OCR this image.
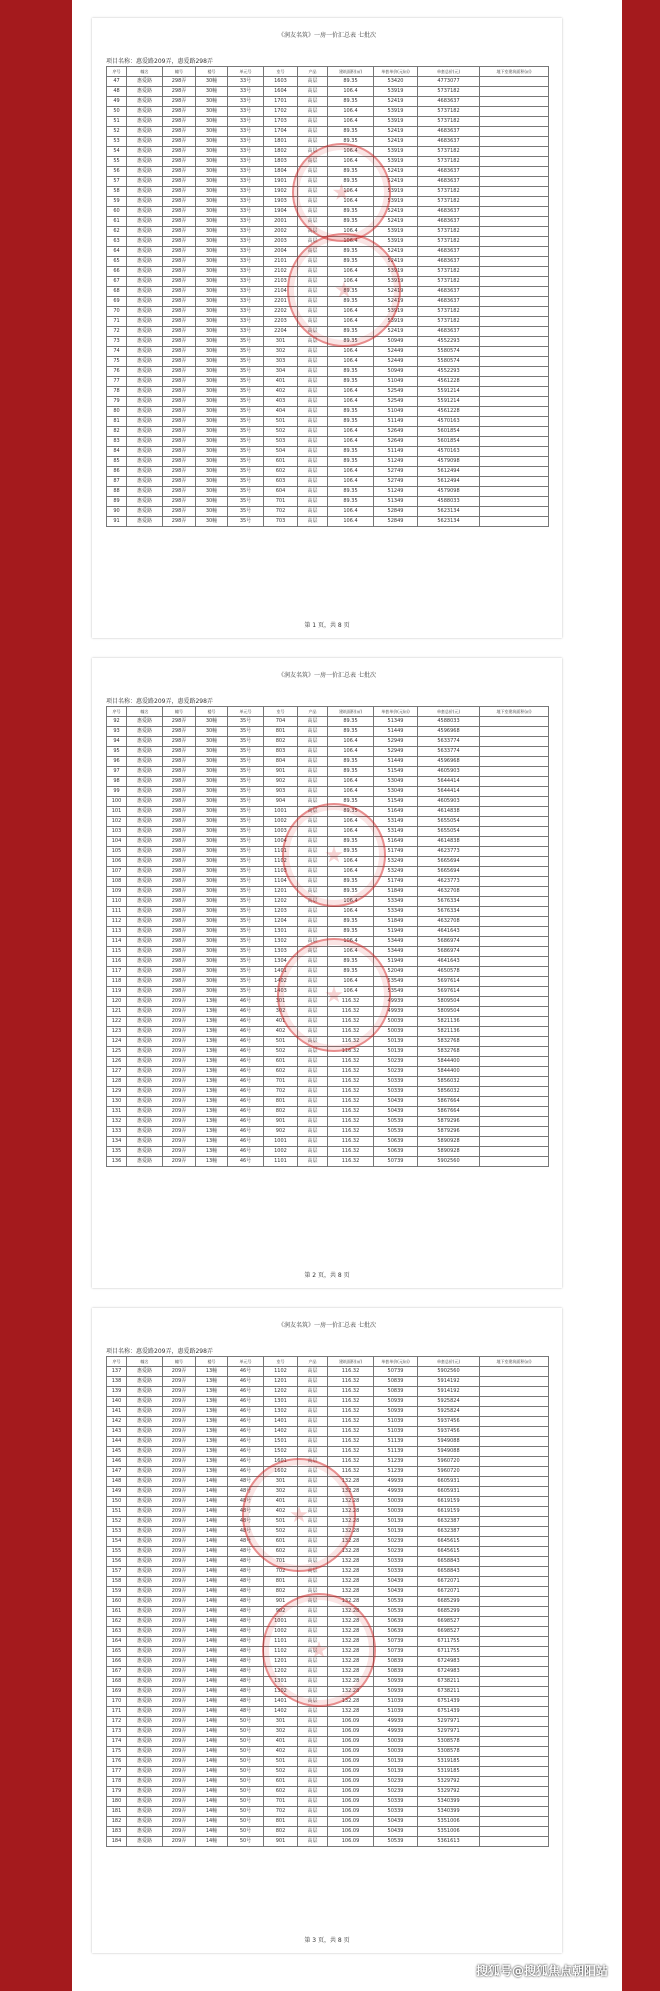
《润友名筑》一房一价汇总表 七批次
项目名称：惠爱路209弄，惠爱路298弄
序号	幢名	幢号	楼号	单元号	室号	产品	建筑面积(㎡)	单套单价(元/㎡)	单套总价(元)	地下室建筑面积(㎡)
47	惠爱路	298弄	30幢	33号	1603	高层	89.35	53420	4773077	
48	惠爱路	298弄	30幢	33号	1604	高层	106.4	53919	5737182	
49	惠爱路	298弄	30幢	33号	1701	高层	89.35	52419	4683637	
50	惠爱路	298弄	30幢	33号	1702	高层	106.4	53919	5737182	
51	惠爱路	298弄	30幢	33号	1703	高层	106.4	53919	5737182	
52	惠爱路	298弄	30幢	33号	1704	高层	89.35	52419	4683637	
53	惠爱路	298弄	30幢	33号	1801	高层	89.35	52419	4683637	
54	惠爱路	298弄	30幢	33号	1802	高层	106.4	53919	5737182	
55	惠爱路	298弄	30幢	33号	1803	高层	106.4	53919	5737182	
56	惠爱路	298弄	30幢	33号	1804	高层	89.35	52419	4683637	
57	惠爱路	298弄	30幢	33号	1901	高层	89.35	52419	4683637	
58	惠爱路	298弄	30幢	33号	1902	高层	106.4	53919	5737182	
59	惠爱路	298弄	30幢	33号	1903	高层	106.4	53919	5737182	
60	惠爱路	298弄	30幢	33号	1904	高层	89.35	52419	4683637	
61	惠爱路	298弄	30幢	33号	2001	高层	89.35	52419	4683637	
62	惠爱路	298弄	30幢	33号	2002	高层	106.4	53919	5737182	
63	惠爱路	298弄	30幢	33号	2003	高层	106.4	53919	5737182	
64	惠爱路	298弄	30幢	33号	2004	高层	89.35	52419	4683637	
65	惠爱路	298弄	30幢	33号	2101	高层	89.35	52419	4683637	
66	惠爱路	298弄	30幢	33号	2102	高层	106.4	53919	5737182	
67	惠爱路	298弄	30幢	33号	2103	高层	106.4	53919	5737182	
68	惠爱路	298弄	30幢	33号	2104	高层	89.35	52419	4683637	
69	惠爱路	298弄	30幢	33号	2201	高层	89.35	52419	4683637	
70	惠爱路	298弄	30幢	33号	2202	高层	106.4	53919	5737182	
71	惠爱路	298弄	30幢	33号	2203	高层	106.4	53919	5737182	
72	惠爱路	298弄	30幢	33号	2204	高层	89.35	52419	4683637	
73	惠爱路	298弄	30幢	35号	301	高层	89.35	50949	4552293	
74	惠爱路	298弄	30幢	35号	302	高层	106.4	52449	5580574	
75	惠爱路	298弄	30幢	35号	303	高层	106.4	52449	5580574	
76	惠爱路	298弄	30幢	35号	304	高层	89.35	50949	4552293	
77	惠爱路	298弄	30幢	35号	401	高层	89.35	51049	4561228	
78	惠爱路	298弄	30幢	35号	402	高层	106.4	52549	5591214	
79	惠爱路	298弄	30幢	35号	403	高层	106.4	52549	5591214	
80	惠爱路	298弄	30幢	35号	404	高层	89.35	51049	4561228	
81	惠爱路	298弄	30幢	35号	501	高层	89.35	51149	4570163	
82	惠爱路	298弄	30幢	35号	502	高层	106.4	52649	5601854	
83	惠爱路	298弄	30幢	35号	503	高层	106.4	52649	5601854	
84	惠爱路	298弄	30幢	35号	504	高层	89.35	51149	4570163	
85	惠爱路	298弄	30幢	35号	601	高层	89.35	51249	4579098	
86	惠爱路	298弄	30幢	35号	602	高层	106.4	52749	5612494	
87	惠爱路	298弄	30幢	35号	603	高层	106.4	52749	5612494	
88	惠爱路	298弄	30幢	35号	604	高层	89.35	51249	4579098	
89	惠爱路	298弄	30幢	35号	701	高层	89.35	51349	4588033	
90	惠爱路	298弄	30幢	35号	702	高层	106.4	52849	5623134	
91	惠爱路	298弄	30幢	35号	703	高层	106.4	52849	5623134	
第 1 页，共 8 页
《润友名筑》一房一价汇总表 七批次
项目名称：惠爱路209弄，惠爱路298弄
序号	幢名	幢号	楼号	单元号	室号	产品	建筑面积(㎡)	单套单价(元/㎡)	单套总价(元)	地下室建筑面积(㎡)
92	惠爱路	298弄	30幢	35号	704	高层	89.35	51349	4588033	
93	惠爱路	298弄	30幢	35号	801	高层	89.35	51449	4596968	
94	惠爱路	298弄	30幢	35号	802	高层	106.4	52949	5633774	
95	惠爱路	298弄	30幢	35号	803	高层	106.4	52949	5633774	
96	惠爱路	298弄	30幢	35号	804	高层	89.35	51449	4596968	
97	惠爱路	298弄	30幢	35号	901	高层	89.35	51549	4605903	
98	惠爱路	298弄	30幢	35号	902	高层	106.4	53049	5644414	
99	惠爱路	298弄	30幢	35号	903	高层	106.4	53049	5644414	
100	惠爱路	298弄	30幢	35号	904	高层	89.35	51549	4605903	
101	惠爱路	298弄	30幢	35号	1001	高层	89.35	51649	4614838	
102	惠爱路	298弄	30幢	35号	1002	高层	106.4	53149	5655054	
103	惠爱路	298弄	30幢	35号	1003	高层	106.4	53149	5655054	
104	惠爱路	298弄	30幢	35号	1004	高层	89.35	51649	4614838	
105	惠爱路	298弄	30幢	35号	1101	高层	89.35	51749	4623773	
106	惠爱路	298弄	30幢	35号	1102	高层	106.4	53249	5665694	
107	惠爱路	298弄	30幢	35号	1103	高层	106.4	53249	5665694	
108	惠爱路	298弄	30幢	35号	1104	高层	89.35	51749	4623773	
109	惠爱路	298弄	30幢	35号	1201	高层	89.35	51849	4632708	
110	惠爱路	298弄	30幢	35号	1202	高层	106.4	53349	5676334	
111	惠爱路	298弄	30幢	35号	1203	高层	106.4	53349	5676334	
112	惠爱路	298弄	30幢	35号	1204	高层	89.35	51849	4632708	
113	惠爱路	298弄	30幢	35号	1301	高层	89.35	51949	4641643	
114	惠爱路	298弄	30幢	35号	1302	高层	106.4	53449	5686974	
115	惠爱路	298弄	30幢	35号	1303	高层	106.4	53449	5686974	
116	惠爱路	298弄	30幢	35号	1304	高层	89.35	51949	4641643	
117	惠爱路	298弄	30幢	35号	1401	高层	89.35	52049	4650578	
118	惠爱路	298弄	30幢	35号	1402	高层	106.4	53549	5697614	
119	惠爱路	298弄	30幢	35号	1403	高层	106.4	53549	5697614	
120	惠爱路	209弄	13幢	46号	301	高层	116.32	49939	5809504	
121	惠爱路	209弄	13幢	46号	302	高层	116.32	49939	5809504	
122	惠爱路	209弄	13幢	46号	401	高层	116.32	50039	5821136	
123	惠爱路	209弄	13幢	46号	402	高层	116.32	50039	5821136	
124	惠爱路	209弄	13幢	46号	501	高层	116.32	50139	5832768	
125	惠爱路	209弄	13幢	46号	502	高层	116.32	50139	5832768	
126	惠爱路	209弄	13幢	46号	601	高层	116.32	50239	5844400	
127	惠爱路	209弄	13幢	46号	602	高层	116.32	50239	5844400	
128	惠爱路	209弄	13幢	46号	701	高层	116.32	50339	5856032	
129	惠爱路	209弄	13幢	46号	702	高层	116.32	50339	5856032	
130	惠爱路	209弄	13幢	46号	801	高层	116.32	50439	5867664	
131	惠爱路	209弄	13幢	46号	802	高层	116.32	50439	5867664	
132	惠爱路	209弄	13幢	46号	901	高层	116.32	50539	5879296	
133	惠爱路	209弄	13幢	46号	902	高层	116.32	50539	5879296	
134	惠爱路	209弄	13幢	46号	1001	高层	116.32	50639	5890928	
135	惠爱路	209弄	13幢	46号	1002	高层	116.32	50639	5890928	
136	惠爱路	209弄	13幢	46号	1101	高层	116.32	50739	5902560	
第 2 页，共 8 页
《润友名筑》一房一价汇总表 七批次
项目名称：惠爱路209弄，惠爱路298弄
序号	幢名	幢号	楼号	单元号	室号	产品	建筑面积(㎡)	单套单价(元/㎡)	单套总价(元)	地下室建筑面积(㎡)
137	惠爱路	209弄	13幢	46号	1102	高层	116.32	50739	5902560	
138	惠爱路	209弄	13幢	46号	1201	高层	116.32	50839	5914192	
139	惠爱路	209弄	13幢	46号	1202	高层	116.32	50839	5914192	
140	惠爱路	209弄	13幢	46号	1301	高层	116.32	50939	5925824	
141	惠爱路	209弄	13幢	46号	1302	高层	116.32	50939	5925824	
142	惠爱路	209弄	13幢	46号	1401	高层	116.32	51039	5937456	
143	惠爱路	209弄	13幢	46号	1402	高层	116.32	51039	5937456	
144	惠爱路	209弄	13幢	46号	1501	高层	116.32	51139	5949088	
145	惠爱路	209弄	13幢	46号	1502	高层	116.32	51139	5949088	
146	惠爱路	209弄	13幢	46号	1601	高层	116.32	51239	5960720	
147	惠爱路	209弄	13幢	46号	1602	高层	116.32	51239	5960720	
148	惠爱路	209弄	14幢	48号	301	高层	132.28	49939	6605931	
149	惠爱路	209弄	14幢	48号	302	高层	132.28	49939	6605931	
150	惠爱路	209弄	14幢	48号	401	高层	132.28	50039	6619159	
151	惠爱路	209弄	14幢	48号	402	高层	132.28	50039	6619159	
152	惠爱路	209弄	14幢	48号	501	高层	132.28	50139	6632387	
153	惠爱路	209弄	14幢	48号	502	高层	132.28	50139	6632387	
154	惠爱路	209弄	14幢	48号	601	高层	132.28	50239	6645615	
155	惠爱路	209弄	14幢	48号	602	高层	132.28	50239	6645615	
156	惠爱路	209弄	14幢	48号	701	高层	132.28	50339	6658843	
157	惠爱路	209弄	14幢	48号	702	高层	132.28	50339	6658843	
158	惠爱路	209弄	14幢	48号	801	高层	132.28	50439	6672071	
159	惠爱路	209弄	14幢	48号	802	高层	132.28	50439	6672071	
160	惠爱路	209弄	14幢	48号	901	高层	132.28	50539	6685299	
161	惠爱路	209弄	14幢	48号	902	高层	132.28	50539	6685299	
162	惠爱路	209弄	14幢	48号	1001	高层	132.28	50639	6698527	
163	惠爱路	209弄	14幢	48号	1002	高层	132.28	50639	6698527	
164	惠爱路	209弄	14幢	48号	1101	高层	132.28	50739	6711755	
165	惠爱路	209弄	14幢	48号	1102	高层	132.28	50739	6711755	
166	惠爱路	209弄	14幢	48号	1201	高层	132.28	50839	6724983	
167	惠爱路	209弄	14幢	48号	1202	高层	132.28	50839	6724983	
168	惠爱路	209弄	14幢	48号	1301	高层	132.28	50939	6738211	
169	惠爱路	209弄	14幢	48号	1302	高层	132.28	50939	6738211	
170	惠爱路	209弄	14幢	48号	1401	高层	132.28	51039	6751439	
171	惠爱路	209弄	14幢	48号	1402	高层	132.28	51039	6751439	
172	惠爱路	209弄	14幢	50号	301	高层	106.09	49939	5297971	
173	惠爱路	209弄	14幢	50号	302	高层	106.09	49939	5297971	
174	惠爱路	209弄	14幢	50号	401	高层	106.09	50039	5308578	
175	惠爱路	209弄	14幢	50号	402	高层	106.09	50039	5308578	
176	惠爱路	209弄	14幢	50号	501	高层	106.09	50139	5319185	
177	惠爱路	209弄	14幢	50号	502	高层	106.09	50139	5319185	
178	惠爱路	209弄	14幢	50号	601	高层	106.09	50239	5329792	
179	惠爱路	209弄	14幢	50号	602	高层	106.09	50239	5329792	
180	惠爱路	209弄	14幢	50号	701	高层	106.09	50339	5340399	
181	惠爱路	209弄	14幢	50号	702	高层	106.09	50339	5340399	
182	惠爱路	209弄	14幢	50号	801	高层	106.09	50439	5351006	
183	惠爱路	209弄	14幢	50号	802	高层	106.09	50439	5351006	
184	惠爱路	209弄	14幢	50号	901	高层	106.09	50539	5361613	
第 3 页，共 8 页
搜狐号@搜狐焦点朝阳站
